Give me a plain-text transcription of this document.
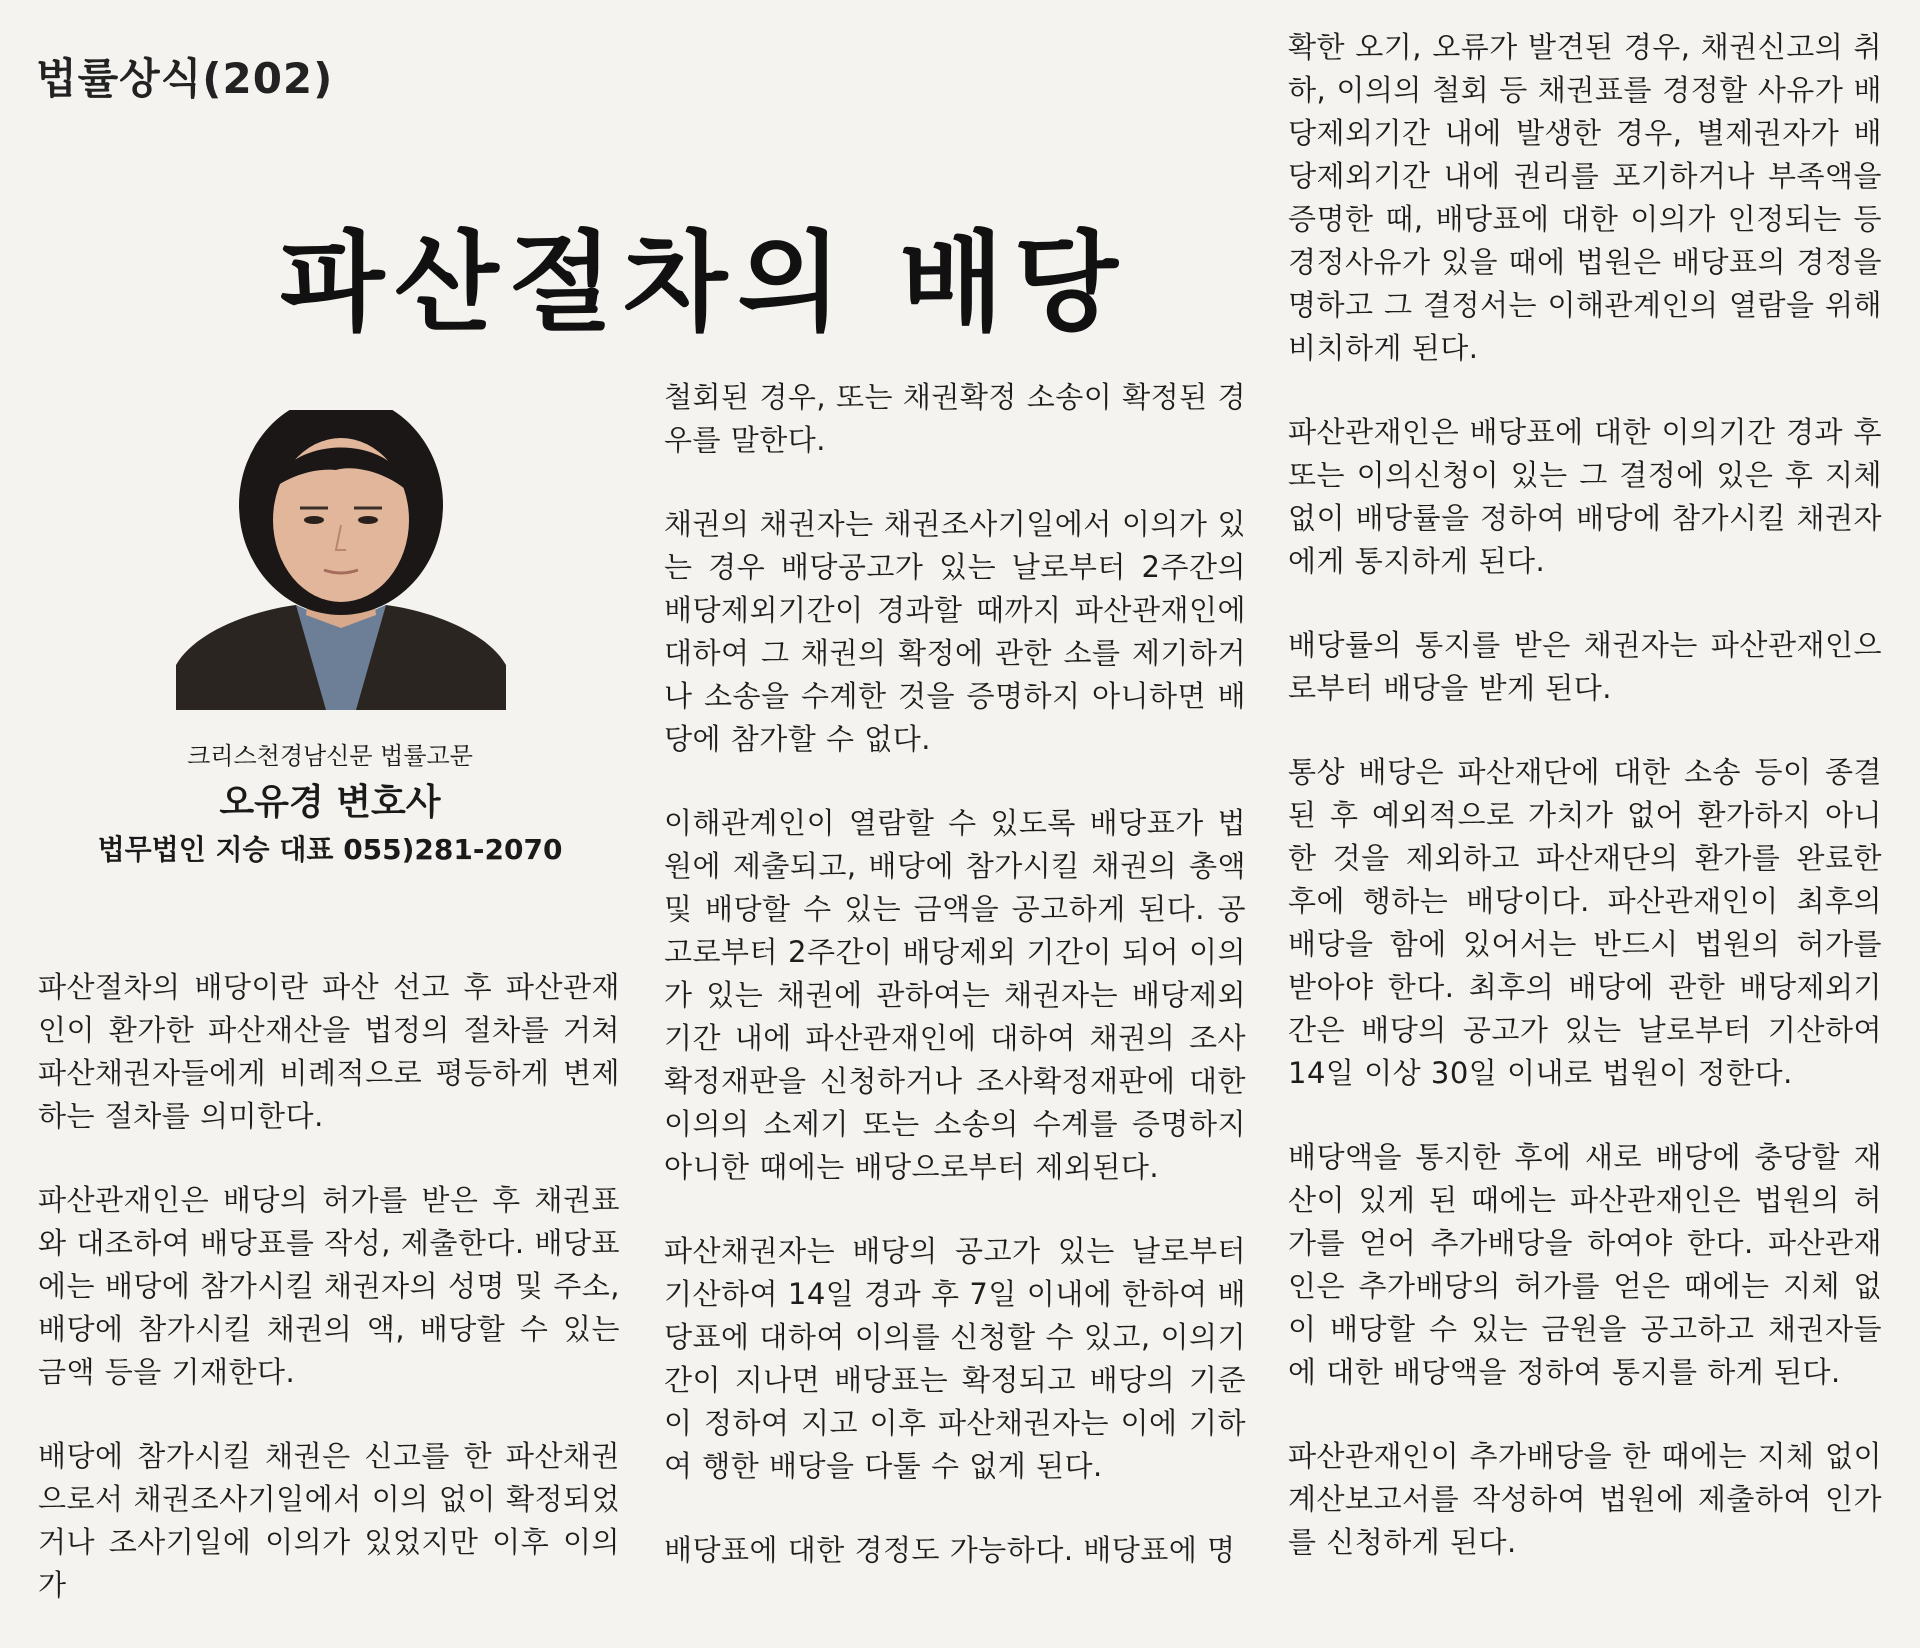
법률상식(202)
파산절차의 배당
크리스천경남신문 법률고문
오유경 변호사
법무법인 지승 대표 055)281-2070

파산절차의 배당이란 파산 선고 후 파산관재인이 환가한 파산재산을 법정의 절차를 거쳐 파산채권자들에게 비례적으로 평등하게 변제하는 절차를 의미한다.

파산관재인은 배당의 허가를 받은 후 채권표와 대조하여 배당표를 작성, 제출한다. 배당표에는 배당에 참가시킬 채권자의 성명 및 주소, 배당에 참가시킬 채권의 액, 배당할 수 있는 금액 등을 기재한다.

배당에 참가시킬 채권은 신고를 한 파산채권으로서 채권조사기일에서 이의 없이 확정되었거나 조사기일에 이의가 있었지만 이후 이의가

철회된 경우, 또는 채권확정 소송이 확정된 경우를 말한다.

채권의 채권자는 채권조사기일에서 이의가 있는 경우 배당공고가 있는 날로부터 2주간의 배당제외기간이 경과할 때까지 파산관재인에 대하여 그 채권의 확정에 관한 소를 제기하거나 소송을 수계한 것을 증명하지 아니하면 배당에 참가할 수 없다.

이해관계인이 열람할 수 있도록 배당표가 법원에 제출되고, 배당에 참가시킬 채권의 총액 및 배당할 수 있는 금액을 공고하게 된다. 공고로부터 2주간이 배당제외 기간이 되어 이의가 있는 채권에 관하여는 채권자는 배당제외기간 내에 파산관재인에 대하여 채권의 조사확정재판을 신청하거나 조사확정재판에 대한 이의의 소제기 또는 소송의 수계를 증명하지 아니한 때에는 배당으로부터 제외된다.

파산채권자는 배당의 공고가 있는 날로부터 기산하여 14일 경과 후 7일 이내에 한하여 배당표에 대하여 이의를 신청할 수 있고, 이의기간이 지나면 배당표는 확정되고 배당의 기준이 정하여 지고 이후 파산채권자는 이에 기하여 행한 배당을 다툴 수 없게 된다.

배당표에 대한 경정도 가능하다. 배당표에 명

확한 오기, 오류가 발견된 경우, 채권신고의 취하, 이의의 철회 등 채권표를 경정할 사유가 배당제외기간 내에 발생한 경우, 별제권자가 배당제외기간 내에 권리를 포기하거나 부족액을 증명한 때, 배당표에 대한 이의가 인정되는 등 경정사유가 있을 때에 법원은 배당표의 경정을 명하고 그 결정서는 이해관계인의 열람을 위해 비치하게 된다.

파산관재인은 배당표에 대한 이의기간 경과 후 또는 이의신청이 있는 그 결정에 있은 후 지체 없이 배당률을 정하여 배당에 참가시킬 채권자에게 통지하게 된다.

배당률의 통지를 받은 채권자는 파산관재인으로부터 배당을 받게 된다.

통상 배당은 파산재단에 대한 소송 등이 종결된 후 예외적으로 가치가 없어 환가하지 아니한 것을 제외하고 파산재단의 환가를 완료한 후에 행하는 배당이다. 파산관재인이 최후의 배당을 함에 있어서는 반드시 법원의 허가를 받아야 한다. 최후의 배당에 관한 배당제외기간은 배당의 공고가 있는 날로부터 기산하여 14일 이상 30일 이내로 법원이 정한다.

배당액을 통지한 후에 새로 배당에 충당할 재산이 있게 된 때에는 파산관재인은 법원의 허가를 얻어 추가배당을 하여야 한다. 파산관재인은 추가배당의 허가를 얻은 때에는 지체 없이 배당할 수 있는 금원을 공고하고 채권자들에 대한 배당액을 정하여 통지를 하게 된다.

파산관재인이 추가배당을 한 때에는 지체 없이 계산보고서를 작성하여 법원에 제출하여 인가를 신청하게 된다.
